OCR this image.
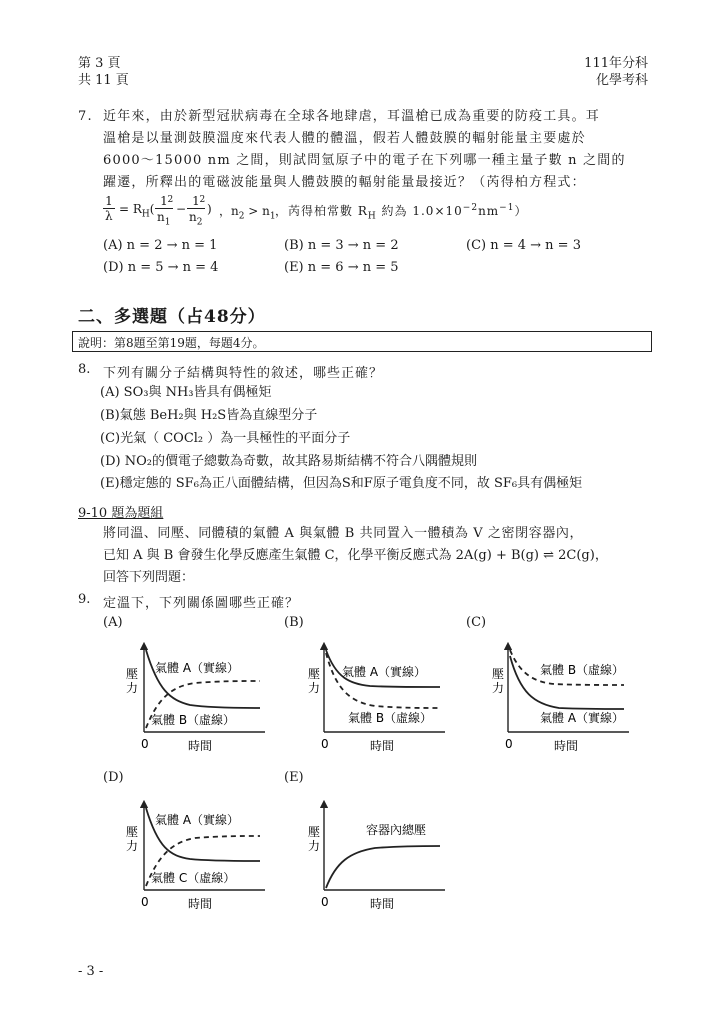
第 3 頁
共 11 頁
111年分科
化學考科
7. 近年來，由於新型冠狀病毒在全球各地肆虐，耳溫槍已成為重要的防疫工具。耳
溫槍是以量測鼓膜溫度來代表人體的體溫，假若人體鼓膜的輻射能量主要處於
6000～15000 nm 之間，則試問氫原子中的電子在下列哪一種主量子數 n 之間的
躍遷，所釋出的電磁波能量與人體鼓膜的輻射能量最接近？（芮得柏方程式：
1
$\lambda = R_H$(
1
$n_1^2$
−
1
$n_2^2$
) ，$n_2 > n_1$ ，芮得柏常數 $R_H$ 約為 $1.0\times 10^{-2}nm^{-1}$）
(A) n = 2 → n = 1	(B) n = 3 → n = 2	(C) n = 4 → n = 3
(D) n = 5 → n = 4	(E) n = 6 → n = 5
二、多選題（占48分）
說明：第8題至第19題，每題4分。
8. 下列有關分子結構與特性的敘述，哪些正確？
(A) SO₃與 NH₃皆具有偶極矩
(B)氣態 BeH₂與 H₂S皆為直線型分子
(C)光氣（ COCl₂ ）為一具極性的平面分子
(D) NO₂的價電子總數為奇數，故其路易斯結構不符合八隅體規則
(E)穩定態的 SF₆為正八面體結構，但因為S和F原子電負度不同，故 SF₆具有偶極矩
9-10 題為題組
將同溫、同壓、同體積的氣體 A 與氣體 B 共同置入一體積為 V 之密閉容器內，
已知 A 與 B 會發生化學反應產生氣體 C，化學平衡反應式為 2A(g) + B(g) ⇌ 2C(g)，
回答下列問題：
9. 定溫下，下列關係圖哪些正確？
(A)	(B)	(C)
(D)	(E)
壓
力
氣體 A（實線）
氣體 B（虛線）
0	時間
壓
力
氣體 A（實線）
氣體 B（虛線）
0	時間
壓
力
氣體 B（虛線）
氣體 A（實線）
0	時間
壓
力
氣體 A（實線）
氣體 C（虛線）
0	時間
壓
力
容器內總壓
0	時間
- 3 -
